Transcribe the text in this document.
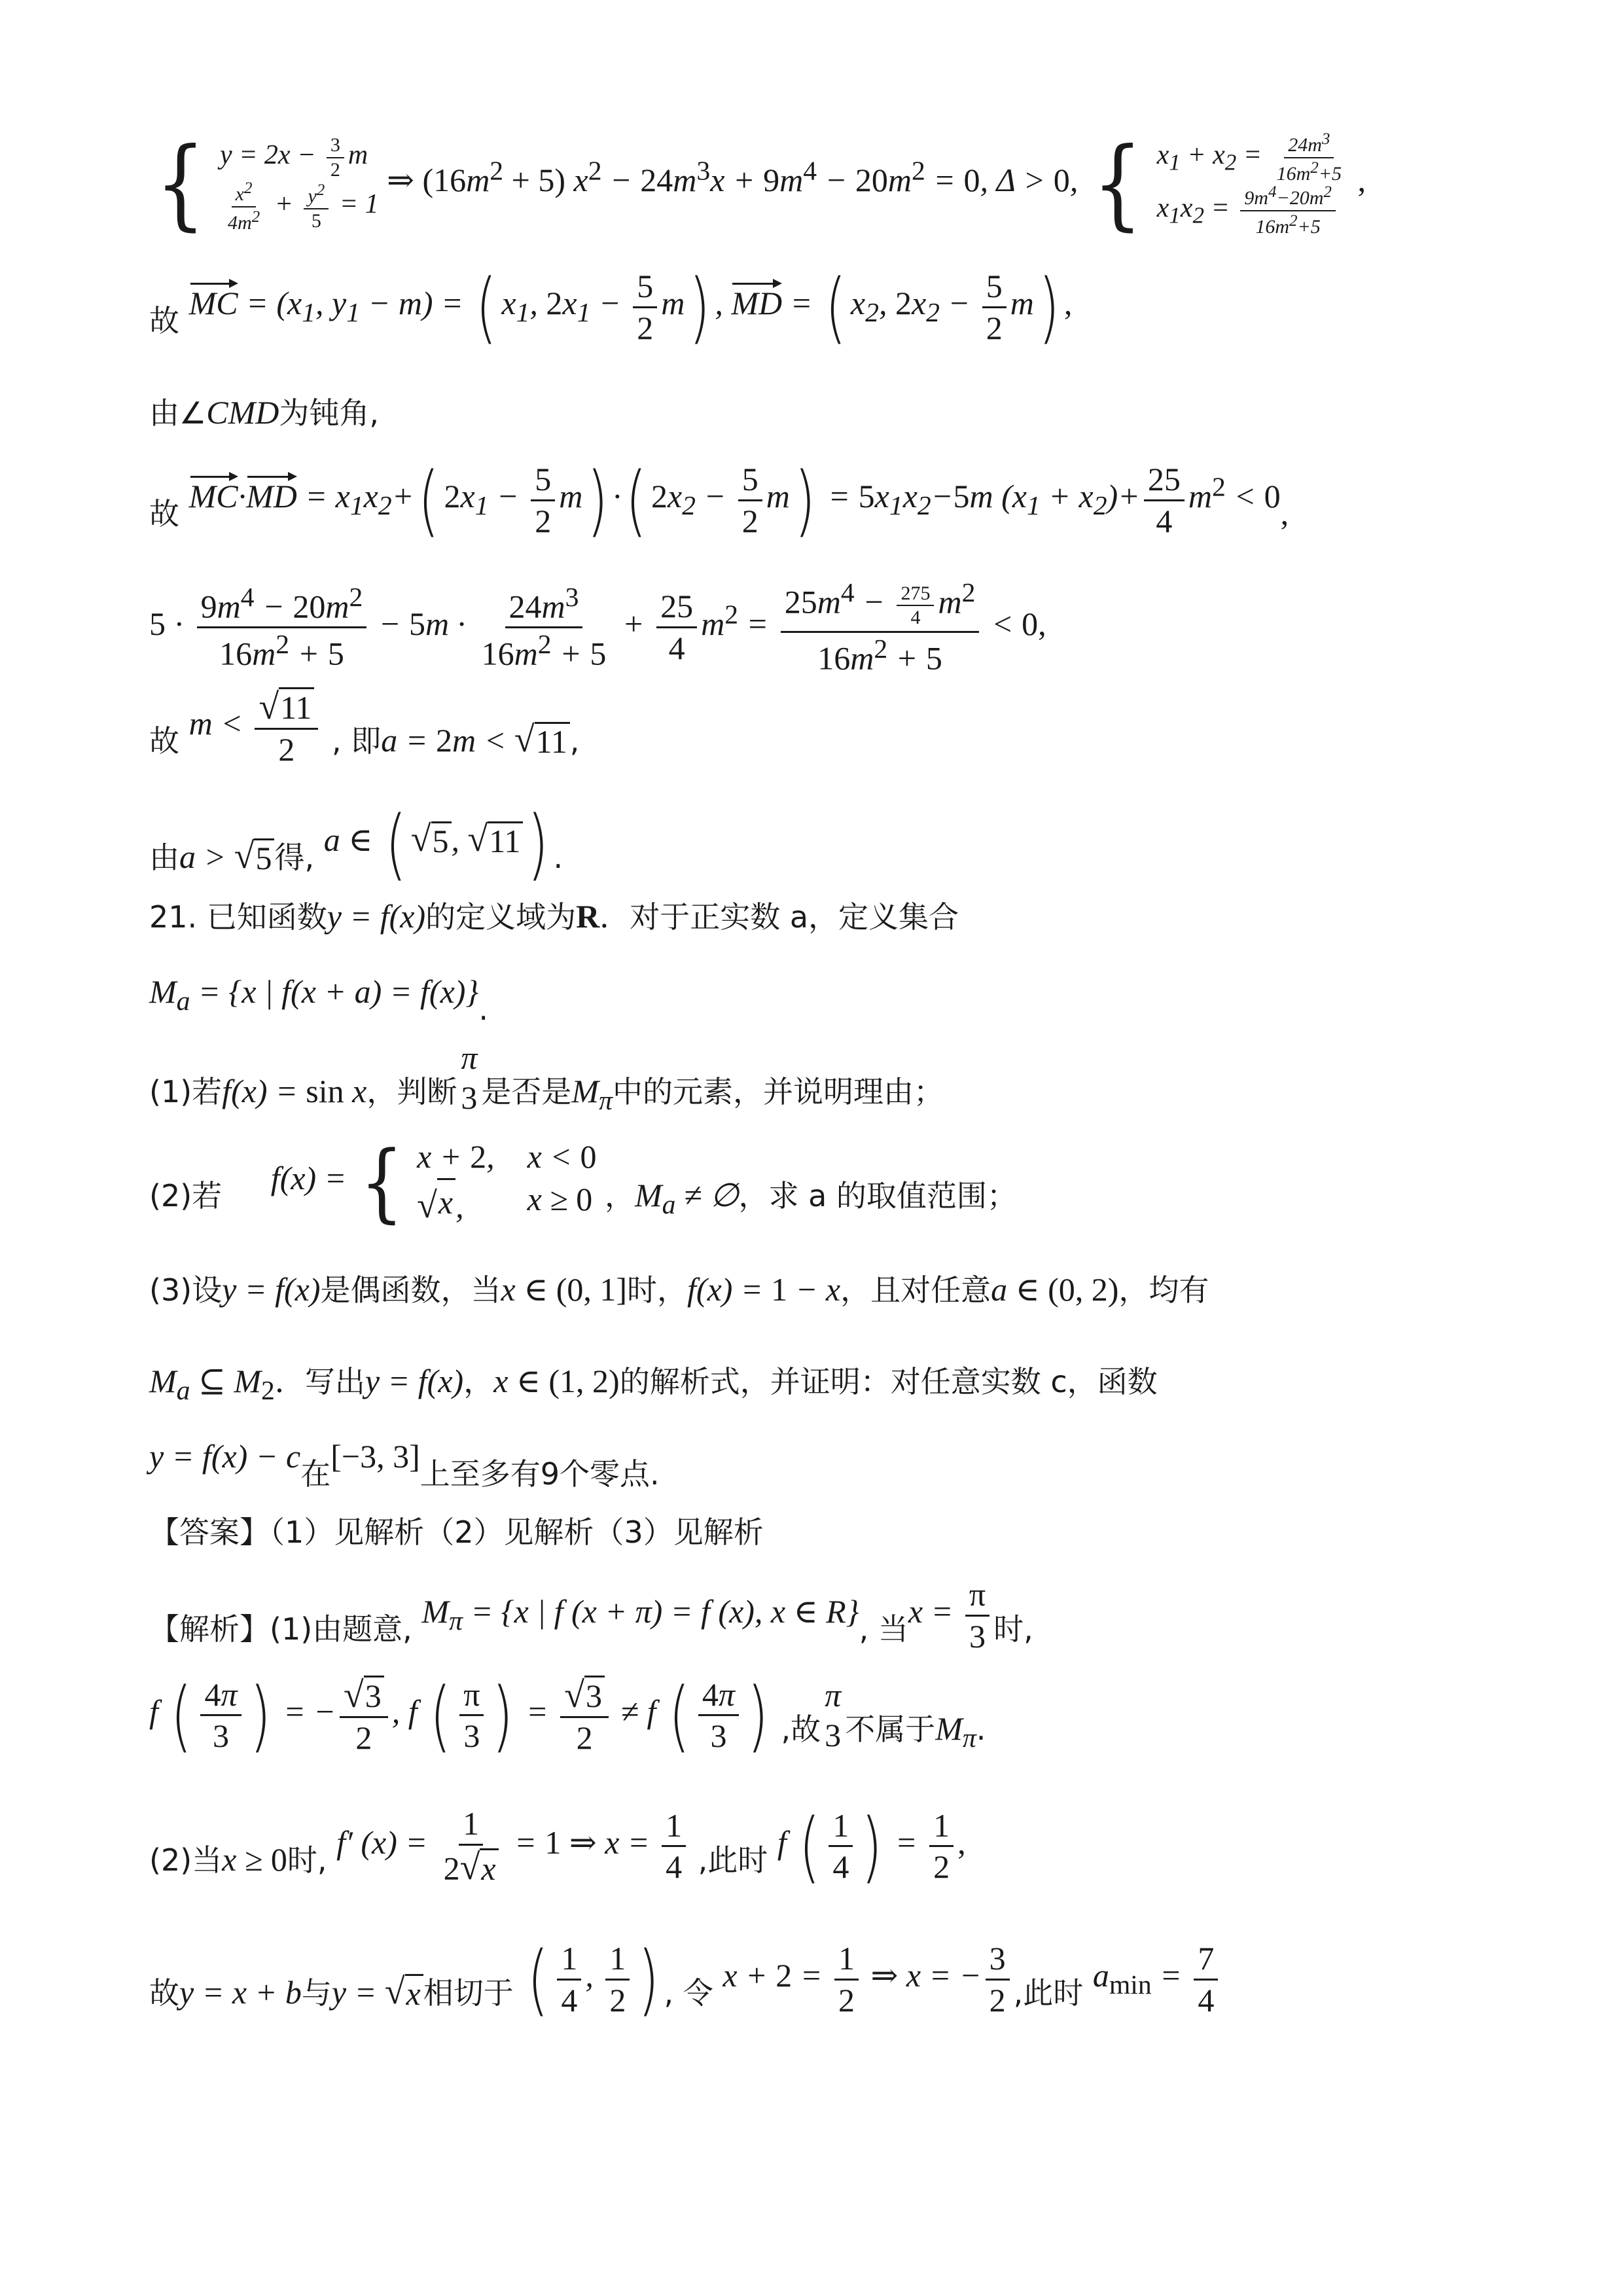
{ $y = 2x - \frac{3}{2}$ m
$\frac{x^2}{4m^2} + \frac{y^2}{5} = 1$
⇒ $(16m^2 + 5) x^2 - 24m^3x + 9m^4 - 20m^2 = 0$, Δ > 0, { $x_1 + x_2 = \frac{24m^3}{16m^2+5}$
$x_1x_2 = \frac{9m^4-20m^2}{16m^2+5}$
,
故 MC = ($x_1$, $y_1 - m$) = ( $x_1$, $2x_1 - \frac{5}{2} m$) , MD = ( $x_2$, $2x_2 - \frac{5}{2} m$) ,
由∠CMD为钝角,
故 $MC\cdot MD = x_1x_2+$( $2x_1 - \frac{5}{2} m$) ·( $2x_2 - \frac{5}{2} m) = 5x_1x_2-5m$ $(x_1 + x_2)+ \frac{25}{4} m^2 < 0$,
$5 \cdot \frac{9m^4 - 20m^2}{16m^2 + 5} - 5m \cdot \frac{24m^3}{16m^2 + 5} + \frac{25}{4} m^2 = \frac{25m^4 - \frac{275}{4} m^2}{16m^2 + 5} < 0$,
故 $m < \frac{√ 11}{2}$ , 即a = 2m < √ 11 ,
由a > √ 5 得, a ∈ ( √ 5 , √ 11 ) .
21. 已知函数y = f(x)的定义域为R．对于正实数 a，定义集合
$M_a = \{x$ | f(x + a) = f(x)}.
(1)若f(x) = sin x，判断
π
3 是否是$M_\pi$中的元素，并说明理由；
(2)若 f(x) = { x + 2, x < 0
√ x ,	x ≥ 0 ，$M_a$ ≠ ∅，求 a 的取值范围；
(3)设y = f(x)是偶函数，当x ∈ (0, 1]时，f(x) = 1 − x，且对任意a ∈ (0, 2)，均有
$M_a$ ⊆ $M_2$．写出y = f(x)，x ∈ (1, 2)的解析式，并证明：对任意实数 c，函数
y = f(x) − c在[−3, 3]上至多有9个零点.
【答案】（1）见解析（2）见解析（3）见解析
【解析】(1)由题意, $M_\pi = \{x$ | f (x + π) = f (x), x ∈ R}, 当$x = \frac{\pi}{3}$ 时,
f ( $\frac{4\pi}{3}$ ) = − $\frac{√ 3}{2}$ , f ( $\frac{\pi}{3}$ ) = $\frac{√ 3}{2} \ne f$ ( $\frac{4\pi}{3}$ ) ,故
π
3 不属于$M_\pi$.
(2)当x ≥ 0时, f′ $(x) = \frac{1}{2 √ x} = 1$ ⇒ $x = \frac{1}{4}$ ,此时 f ( $\frac{1}{4}$ ) = $\frac{1}{2}$ ,
故y = x + b与y = √ x 相切于 ( $\frac{1}{4}$ , $\frac{1}{2}$ ) , 令 $x + 2 = \frac{1}{2}$ ⇒ x = − $\frac{3}{2}$ ,此时 $a_{min} = \frac{7}{4}$
